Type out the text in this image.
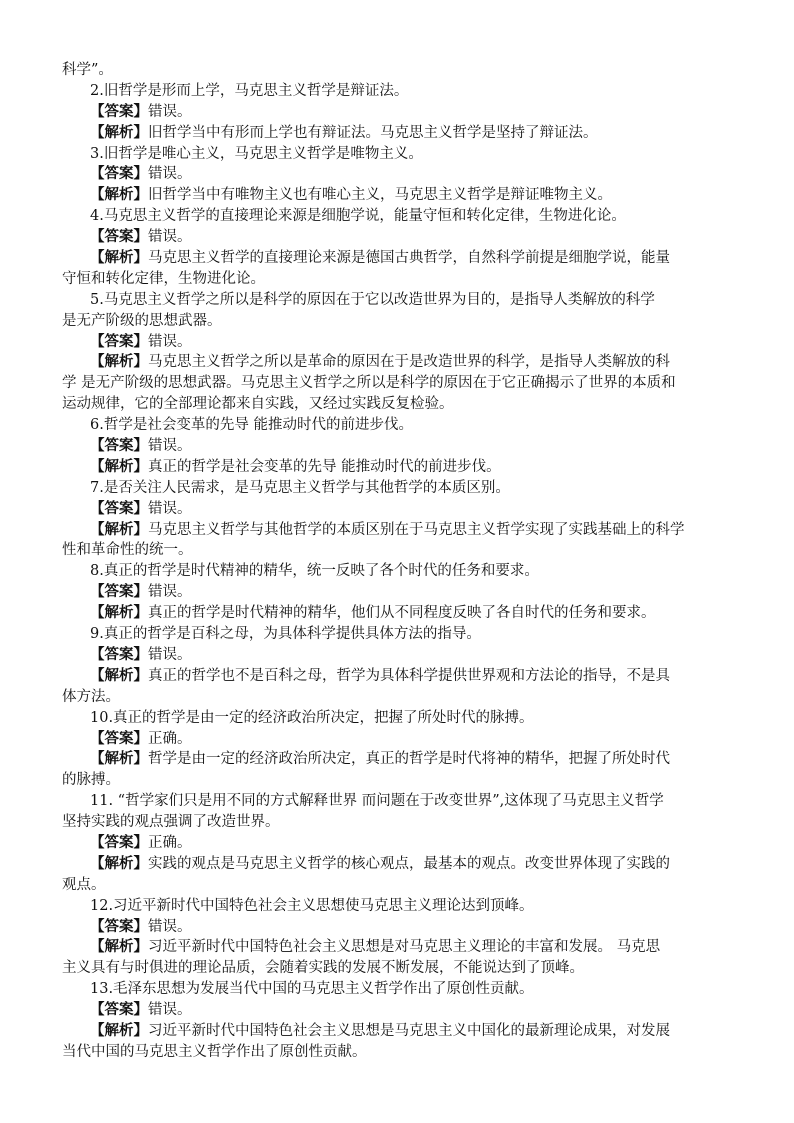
科学”。
2.旧哲学是形而上学，马克思主义哲学是辩证法。
【答案】错误。
【解析】旧哲学当中有形而上学也有辩证法。马克思主义哲学是坚持了辩证法。
3.旧哲学是唯心主义，马克思主义哲学是唯物主义。
【答案】错误。
【解析】旧哲学当中有唯物主义也有唯心主义，马克思主义哲学是辩证唯物主义。
4.马克思主义哲学的直接理论来源是细胞学说，能量守恒和转化定律，生物进化论。
【答案】错误。
【解析】马克思主义哲学的直接理论来源是德国古典哲学，自然科学前提是细胞学说，能量
守恒和转化定律，生物进化论。
5.马克思主义哲学之所以是科学的原因在于它以改造世界为目的，是指导人类解放的科学
是无产阶级的思想武器。
【答案】错误。
【解析】马克思主义哲学之所以是革命的原因在于是改造世界的科学，是指导人类解放的科
学 是无产阶级的思想武器。马克思主义哲学之所以是科学的原因在于它正确揭示了世界的本质和
运动规律，它的全部理论都来自实践，又经过实践反复检验。
6.哲学是社会变革的先导 能推动时代的前进步伐。
【答案】错误。
【解析】真正的哲学是社会变革的先导 能推动时代的前进步伐。
7.是否关注人民需求，是马克思主义哲学与其他哲学的本质区别。
【答案】错误。
【解析】马克思主义哲学与其他哲学的本质区别在于马克思主义哲学实现了实践基础上的科学
性和革命性的统一。
8.真正的哲学是时代精神的精华，统一反映了各个时代的任务和要求。
【答案】错误。
【解析】真正的哲学是时代精神的精华，他们从不同程度反映了各自时代的任务和要求。
9.真正的哲学是百科之母，为具体科学提供具体方法的指导。
【答案】错误。
【解析】真正的哲学也不是百科之母，哲学为具体科学提供世界观和方法论的指导，不是具
体方法。
10.真正的哲学是由一定的经济政治所决定，把握了所处时代的脉搏。
【答案】正确。
【解析】哲学是由一定的经济政治所决定，真正的哲学是时代将神的精华，把握了所处时代
的脉搏。
11. “哲学家们只是用不同的方式解释世界 而问题在于改变世界”,这体现了马克思主义哲学
坚持实践的观点强调了改造世界。
【答案】正确。
【解析】实践的观点是马克思主义哲学的核心观点，最基本的观点。改变世界体现了实践的
观点。
12.习近平新时代中国特色社会主义思想使马克思主义理论达到顶峰。
【答案】错误。
【解析】习近平新时代中国特色社会主义思想是对马克思主义理论的丰富和发展。 马克思
主义具有与时俱进的理论品质，会随着实践的发展不断发展，不能说达到了顶峰。
13.毛泽东思想为发展当代中国的马克思主义哲学作出了原创性贡献。
【答案】错误。
【解析】习近平新时代中国特色社会主义思想是马克思主义中国化的最新理论成果，对发展
当代中国的马克思主义哲学作出了原创性贡献。
